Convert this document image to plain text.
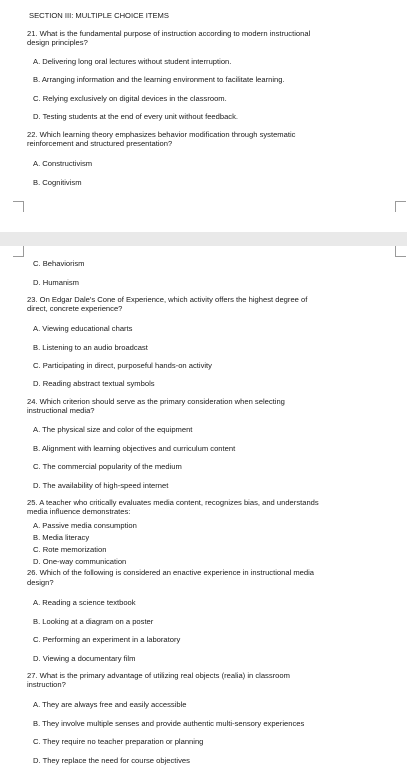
SECTION III: MULTIPLE CHOICE ITEMS
21. What is the fundamental purpose of instruction according to modern instructional
design principles?
A. Delivering long oral lectures without student interruption.
B. Arranging information and the learning environment to facilitate learning.
C. Relying exclusively on digital devices in the classroom.
D. Testing students at the end of every unit without feedback.
22. Which learning theory emphasizes behavior modification through systematic
reinforcement and structured presentation?
A. Constructivism
B. Cognitivism
C. Behaviorism
D. Humanism
23. On Edgar Dale's Cone of Experience, which activity offers the highest degree of
direct, concrete experience?
A. Viewing educational charts
B. Listening to an audio broadcast
C. Participating in direct, purposeful hands-on activity
D. Reading abstract textual symbols
24. Which criterion should serve as the primary consideration when selecting
instructional media?
A. The physical size and color of the equipment
B. Alignment with learning objectives and curriculum content
C. The commercial popularity of the medium
D. The availability of high-speed internet
25. A teacher who critically evaluates media content, recognizes bias, and understands
media influence demonstrates:
A. Passive media consumption
B. Media literacy
C. Rote memorization
D. One-way communication
26. Which of the following is considered an enactive experience in instructional media
design?
A. Reading a science textbook
B. Looking at a diagram on a poster
C. Performing an experiment in a laboratory
D. Viewing a documentary film
27. What is the primary advantage of utilizing real objects (realia) in classroom
instruction?
A. They are always free and easily accessible
B. They involve multiple senses and provide authentic multi-sensory experiences
C. They require no teacher preparation or planning
D. They replace the need for course objectives
